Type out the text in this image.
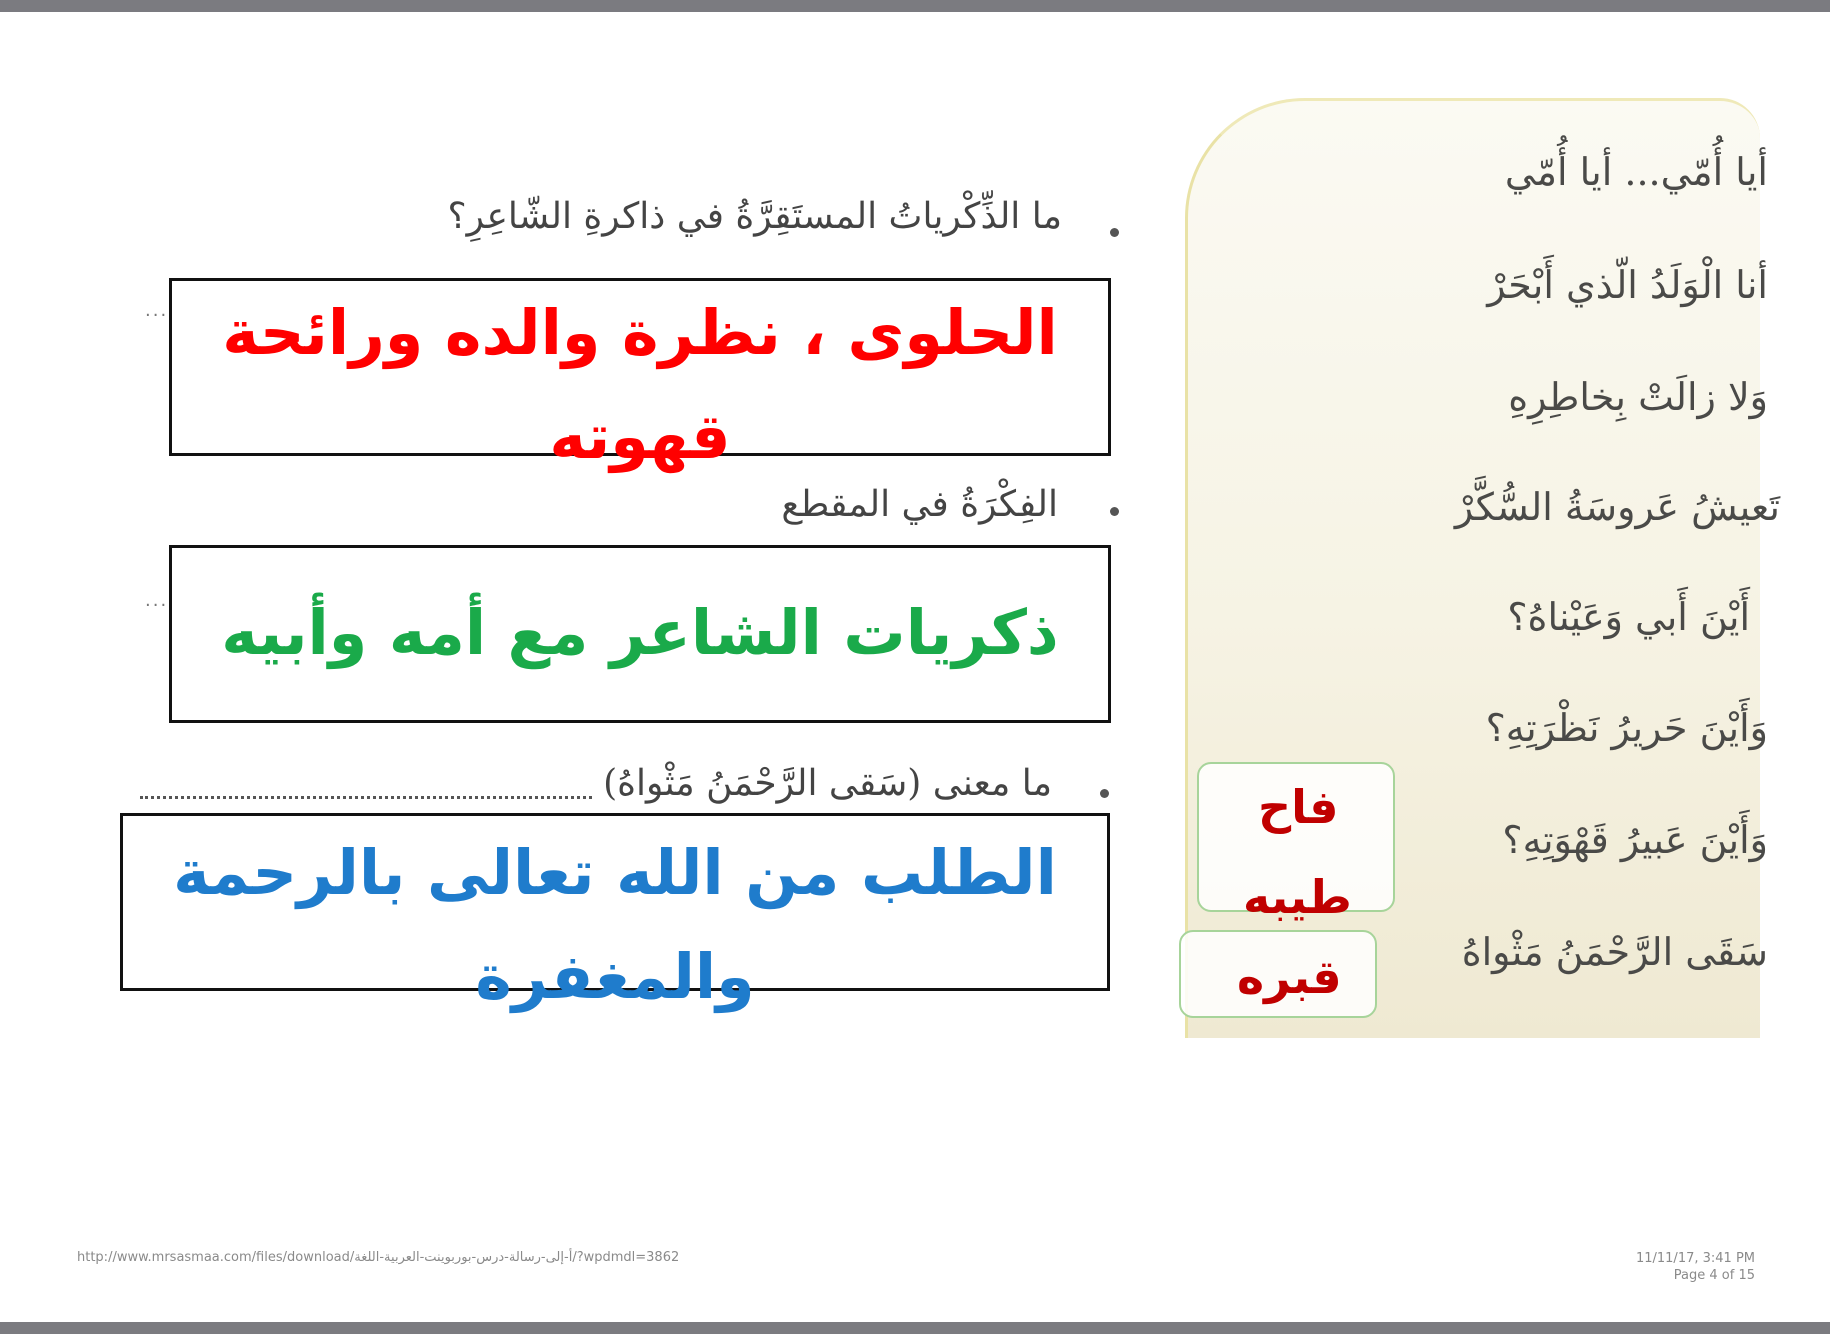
أيا أُمّي... أيا أُمّي
أنا الْوَلَدُ الّذي أَبْحَرْ
وَلا زالَتْ بِخاطِرِهِ
تَعيشُ عَروسَةُ السُّكَّرْ
أَيْنَ أَبي وَعَيْناهُ؟
وَأَيْنَ حَريرُ نَظْرَتِهِ؟
وَأَيْنَ عَبيرُ قَهْوَتِهِ؟
سَقَى الرَّحْمَنُ مَثْواهُ
فاح
طيبه
قبره
ما الذِّكْرياتُ المستَقِرَّةُ في ذاكرةِ الشّاعِرِ؟
... الحلوى ، نظرة والده ورائحة
قهوته
الفِكْرَةُ في المقطع
... ذكريات الشاعر مع أمه وأبيه
ما معنى (سَقى الرَّحْمَنُ مَثْواهُ)
الطلب من الله تعالى بالرحمة
والمغفرة
http://www.mrsasmaa.com/files/download/أ-إلى-رسالة-درس-بوربوينت-العربية-اللغة/?wpdmdl=3862	11/11/17, 3:41 PM
Page 4 of 15
